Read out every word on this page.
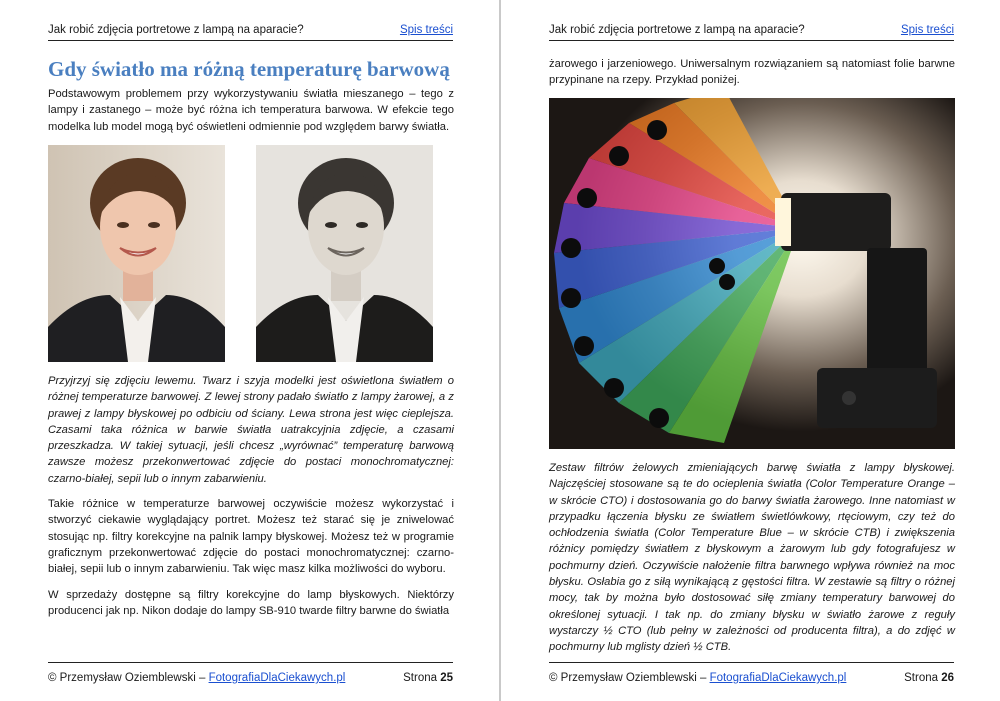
Jak robić zdjęcia portretowe z lampą na aparacie?	Spis treści
Gdy światło ma różną temperaturę barwową
Podstawowym problemem przy wykorzystywaniu światła mieszanego – tego z lampy i zastanego – może być różna ich temperatura barwowa. W efekcie tego modelka lub model mogą być oświetleni odmiennie pod względem barwy światła.
Przyjrzyj się zdjęciu lewemu. Twarz i szyja modelki jest oświetlona światłem o różnej temperaturze barwowej. Z lewej strony padało światło z lampy żarowej, a z prawej z lampy błyskowej po odbiciu od ściany. Lewa strona jest więc cieplejsza. Czasami taka różnica w barwie światła uatrakcyjnia zdjęcie, a czasami przeszkadza. W takiej sytuacji, jeśli chcesz „wyrównać” temperaturę barwową zawsze możesz przekonwertować zdjęcie do postaci monochromatycznej: czarno-białej, sepii lub o innym zabarwieniu.
Takie różnice w temperaturze barwowej oczywiście możesz wykorzystać i stworzyć ciekawie wyglądający portret. Możesz też starać się je zniwelować stosując np. filtry korekcyjne na palnik lampy błyskowej. Możesz też w programie graficznym przekonwertować zdjęcie do postaci monochromatycznej: czarno-białej, sepii lub o innym zabarwieniu. Tak więc masz kilka możliwości do wyboru.
W sprzedaży dostępne są filtry korekcyjne do lamp błyskowych. Niektórzy producenci jak np. Nikon dodaje do lampy SB-910 twarde filtry barwne do światła
© Przemysław Oziemblewski – FotografiaDlaCiekawych.pl	Strona 25
Jak robić zdjęcia portretowe z lampą na aparacie?	Spis treści
żarowego i jarzeniowego. Uniwersalnym rozwiązaniem są natomiast folie barwne przypinane na rzepy. Przykład poniżej.
Zestaw filtrów żelowych zmieniających barwę światła z lampy błyskowej. Najczęściej stosowane są te do ocieplenia światła (Color Temperature Orange – w skrócie CTO) i dostosowania go do barwy światła żarowego. Inne natomiast w przypadku łączenia błysku ze światłem świetlówkowy, rtęciowym, czy też do ochłodzenia światła (Color Temperature Blue – w skrócie CTB) i zwiększenia różnicy pomiędzy światłem z błyskowym a żarowym lub gdy fotografujesz w pochmurny dzień. Oczywiście nałożenie filtra barwnego wpływa również na moc błysku. Osłabia go z siłą wynikającą z gęstości filtra. W zestawie są filtry o różnej mocy, tak by można było dostosować siłę zmiany temperatury barwowej do określonej sytuacji. I tak np. do zmiany błysku w światło żarowe z reguły wystarczy ½ CTO (lub pełny w zależności od producenta filtra), a do zdjęć w pochmurny lub mglisty dzień ½ CTB.
© Przemysław Oziemblewski – FotografiaDlaCiekawych.pl	Strona 26
